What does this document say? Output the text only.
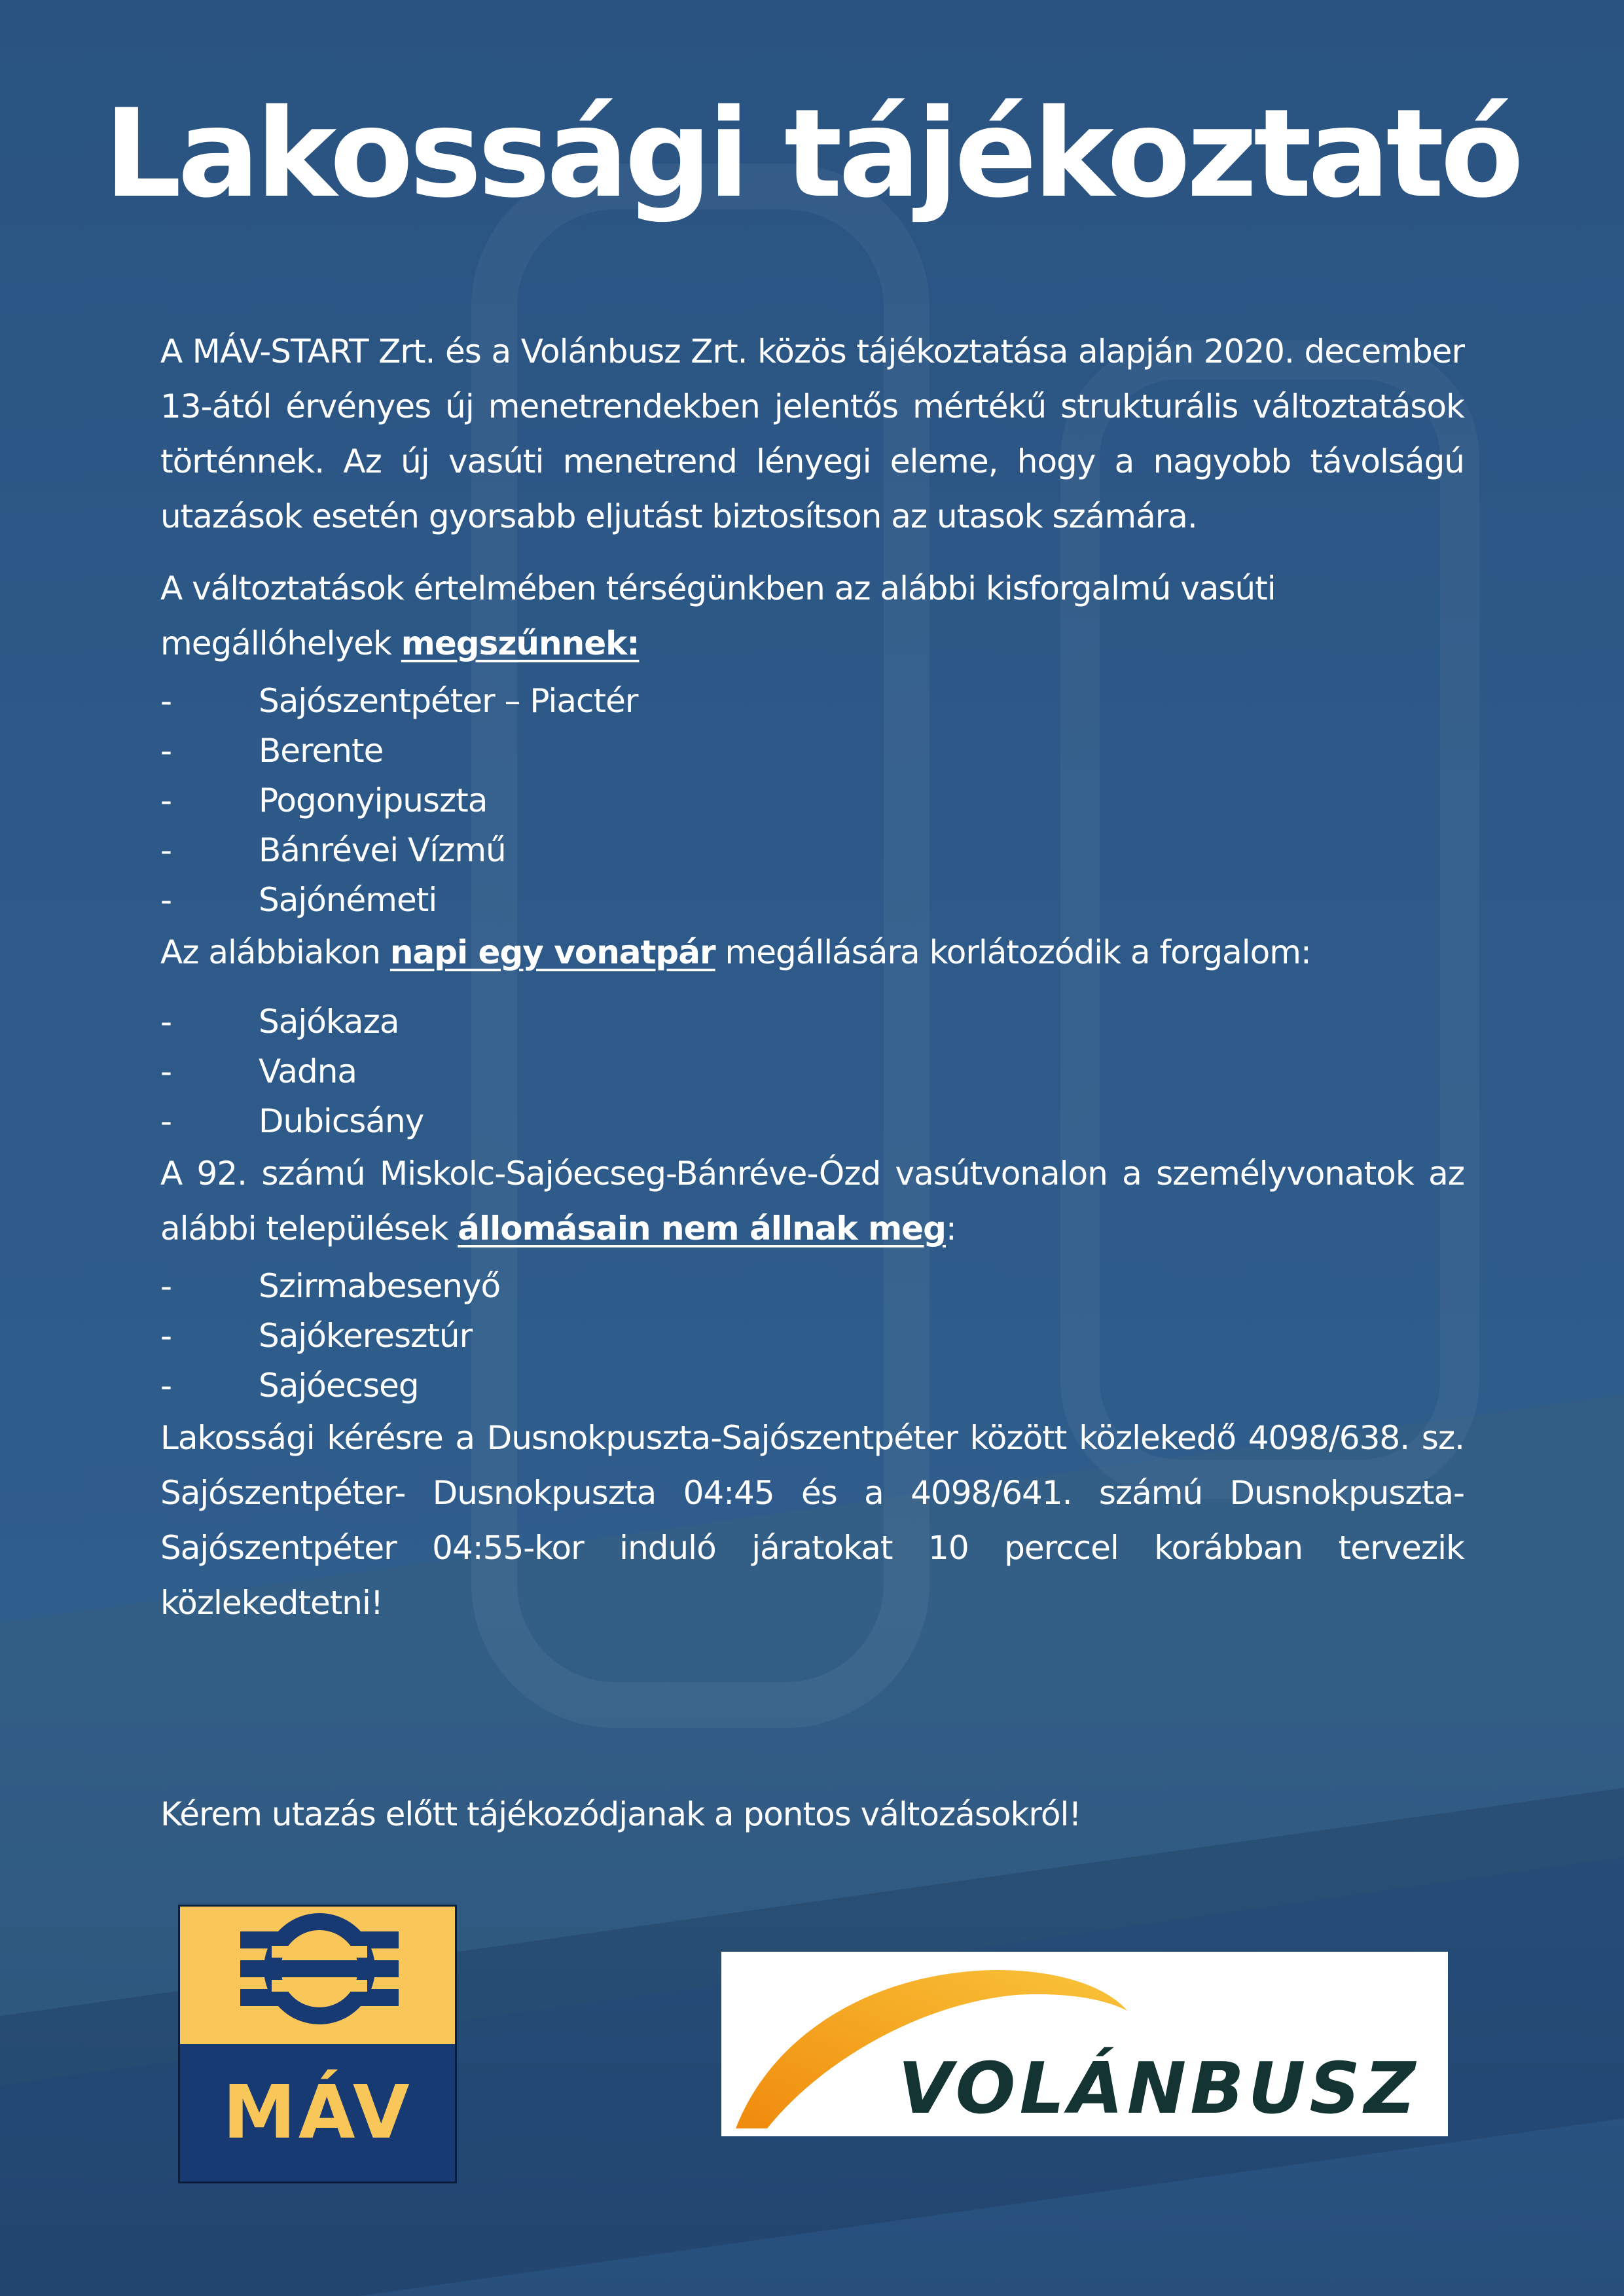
Lakossági tájékoztató

A MÁV-START Zrt. és a Volánbusz Zrt. közös tájékoztatása alapján 2020. december 13-ától érvényes új menetrendekben jelentős mértékű strukturális változtatások történnek. Az új vasúti menetrend lényegi eleme, hogy a nagyobb távolságú utazások esetén gyorsabb eljutást biztosítson az utasok számára.

A változtatások értelmében térségünkben az alábbi kisforgalmú vasúti megállóhelyek megszűnnek:

-	Sajószentpéter – Piactér
-	Berente
-	Pogonyipuszta
-	Bánrévei Vízmű
-	Sajónémeti

Az alábbiakon napi egy vonatpár megállására korlátozódik a forgalom:

-	Sajókaza
-	Vadna
-	Dubicsány

A 92. számú Miskolc-Sajóecseg-Bánréve-Ózd vasútvonalon a személyvonatok az alábbi települések állomásain nem állnak meg:

-	Szirmabesenyő
-	Sajókeresztúr
-	Sajóecseg

Lakossági kérésre a Dusnokpuszta-Sajószentpéter között közlekedő 4098/638. sz. Sajószentpéter- Dusnokpuszta 04:45 és a 4098/641. számú Dusnokpuszta-Sajószentpéter 04:55-kor induló járatokat 10 perccel korábban tervezik közlekedtetni!

Kérem utazás előtt tájékozódjanak a pontos változásokról!

MÁV	VOLÁNBUSZ
